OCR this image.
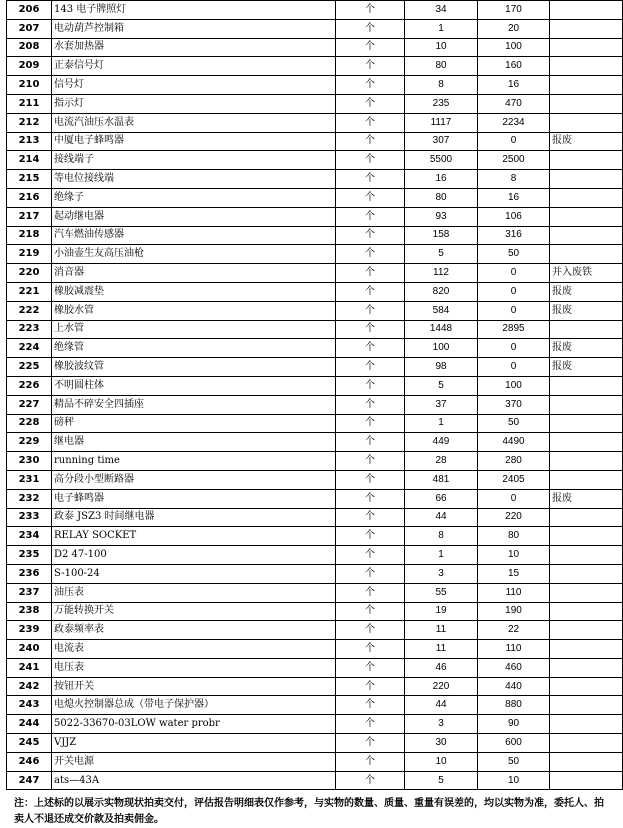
206	143 电子牌照灯	个	34	170	
207	电动葫芦控制箱	个	1	20	
208	水套加热器	个	10	100	
209	正泰信号灯	个	80	160	
210	信号灯	个	8	16	
211	指示灯	个	235	470	
212	电流汽油压水温表	个	1117	2234	
213	中厦电子蜂鸣器	个	307	0	报废
214	接线端子	个	5500	2500	
215	等电位接线端	个	16	8	
216	绝缘子	个	80	16	
217	起动继电器	个	93	106	
218	汽车燃油传感器	个	158	316	
219	小油壶生友高压油枪	个	5	50	
220	消音器	个	112	0	并入废铁
221	橡胶减震垫	个	820	0	报废
222	橡胶水管	个	584	0	报废
223	上水管	个	1448	2895	
224	绝缘管	个	100	0	报废
225	橡胶波纹管	个	98	0	报废
226	不明圆柱体	个	5	100	
227	精品不碎安全四插座	个	37	370	
228	磅秤	个	1	50	
229	继电器	个	449	4490	
230	running time	个	28	280	
231	高分段小型断路器	个	481	2405	
232	电子蜂鸣器	个	66	0	报废
233	政泰 JSZ3 时间继电器	个	44	220	
234	RELAY SOCKET	个	8	80	
235	D2 47-100	个	1	10	
236	S-100-24	个	3	15	
237	油压表	个	55	110	
238	万能转换开关	个	19	190	
239	政泰频率表	个	11	22	
240	电流表	个	11	110	
241	电压表	个	46	460	
242	按钮开关	个	220	440	
243	电熄火控制器总成（带电子保护器）	个	44	880	
244	5022-33670-03LOW water probr	个	3	90	
245	VJJZ	个	30	600	
246	开关电源	个	10	50	
247	ats—43A	个	5	10	

注：上述标的以展示实物现状拍卖交付，评估报告明细表仅作参考，与实物的数量、质量、重量有误差的，均以实物为准，委托人、拍卖人不退还成交价款及拍卖佣金。
